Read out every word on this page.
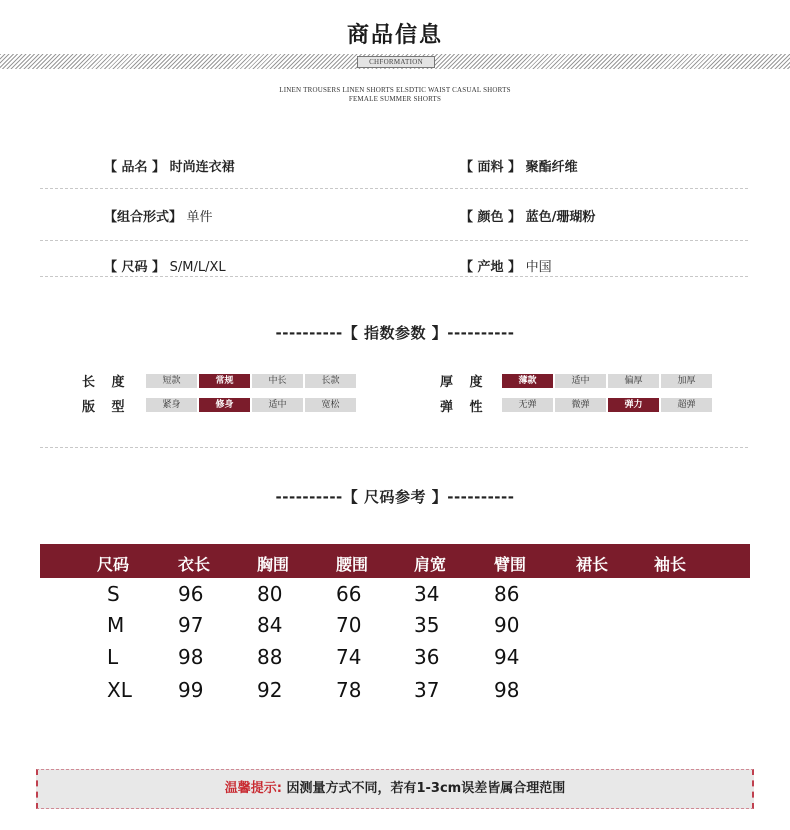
商品信息
CHFORMATION
LINEN TROUSERS LINEN SHORTS ELSDTIC WAIST CASUAL SHORTS
FEMALE SUMMER SHORTS
【 品名 】 时尚连衣裙	【 面料 】 聚酯纤维
【组合形式】 单件	【 颜色 】 蓝色/珊瑚粉
【 尺码 】 S/M/L/XL	【 产地 】 中国
----------【 指数参数 】----------
长 度	短款	常规	中长	长款
版 型	紧身	修身	适中	宽松
厚 度	薄款	适中	偏厚	加厚
弹 性	无弹	微弹	弹力	超弹
----------【 尺码参考 】----------
尺码	衣长	胸围	腰围	肩宽	臂围	裙长	袖长
S	96	80	66	34	86
M	97	84	70	35	90
L	98	88	74	36	94
XL 99	92	78	37	98
温馨提示: 因测量方式不同，若有1-3cm误差皆属合理范围
